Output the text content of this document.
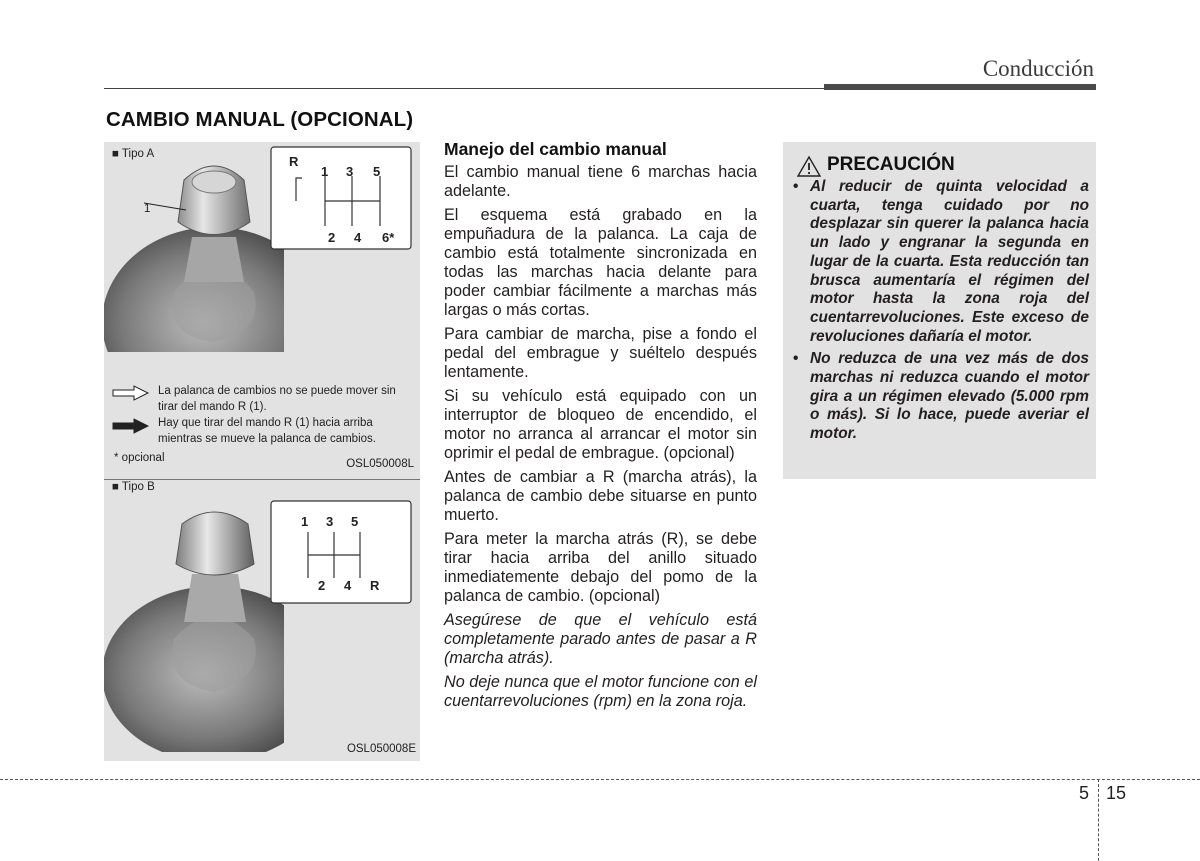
Conducción
CAMBIO MANUAL (OPCIONAL)
■ Tipo A
1
R
1 3 5
2 4 6*
La palanca de cambios no se puede mover sin tirar del mando R (1).
Hay que tirar del mando R (1) hacia arriba mientras se mueve la palanca de cambios.
* opcional	OSL050008L
■ Tipo B
1 3 5
2 4 R
OSL050008E
Manejo del cambio manual

El cambio manual tiene 6 marchas hacia adelante.

El esquema está grabado en la empuñadura de la palanca. La caja de cambio está totalmente sincronizada en todas las marchas hacia delante para poder cambiar fácilmente a marchas más largas o más cortas.

Para cambiar de marcha, pise a fondo el pedal del embrague y suéltelo después lentamente.

Si su vehículo está equipado con un interruptor de bloqueo de encendido, el motor no arranca al arrancar el motor sin oprimir el pedal de embrague. (opcional)

Antes de cambiar a R (marcha atrás), la palanca de cambio debe situarse en punto muerto.

Para meter la marcha atrás (R), se debe tirar hacia arriba del anillo situado inmediatemente debajo del pomo de la palanca de cambio. (opcional)

Asegúrese de que el vehículo está completamente parado antes de pasar a R (marcha atrás).

No deje nunca que el motor funcione con el cuentarrevoluciones (rpm) en la zona roja.

PRECAUCIÓN
• Al reducir de quinta velocidad a cuarta, tenga cuidado por no desplazar sin querer la palanca hacia un lado y engranar la segunda en lugar de la cuarta. Esta reducción tan brusca aumentaría el régimen del motor hasta la zona roja del cuentarrevoluciones. Este exceso de revoluciones dañaría el motor.
• No reduzca de una vez más de dos marchas ni reduzca cuando el motor gira a un régimen elevado (5.000 rpm o más). Si lo hace, puede averiar el motor.
5 15
